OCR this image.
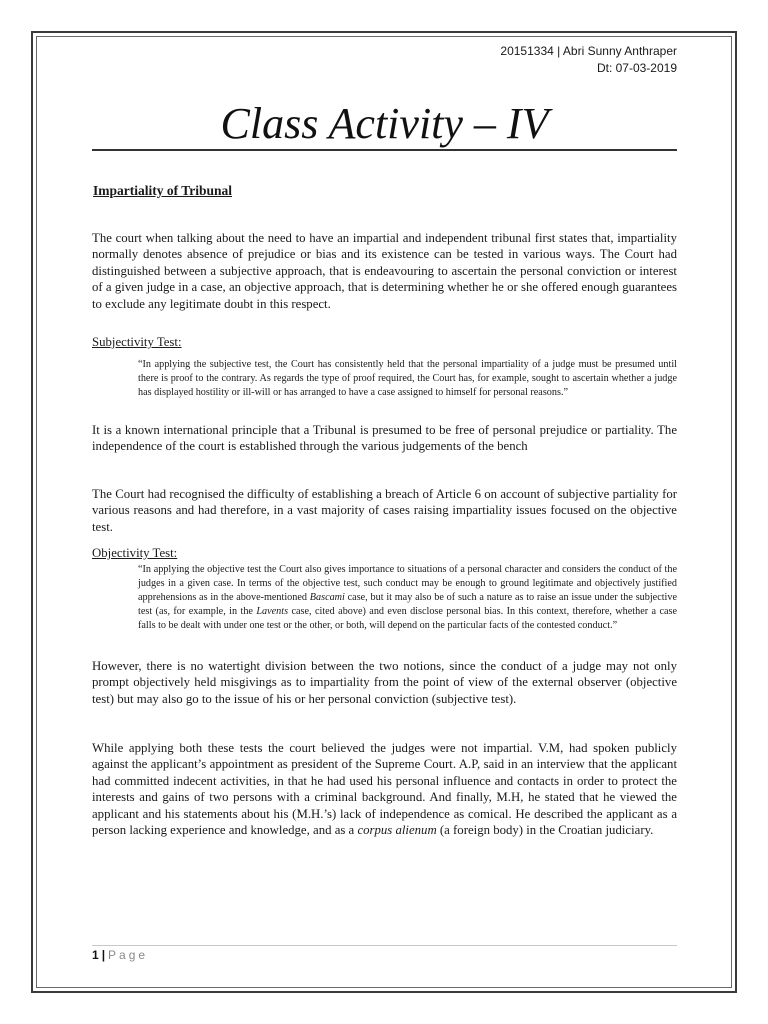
20151334 | Abri Sunny Anthraper
Dt: 07-03-2019
Class Activity – IV
Impartiality of Tribunal
The court when talking about the need to have an impartial and independent tribunal first states that, impartiality normally denotes absence of prejudice or bias and its existence can be tested in various ways. The Court had distinguished between a subjective approach, that is endeavouring to ascertain the personal conviction or interest of a given judge in a case, an objective approach, that is determining whether he or she offered enough guarantees to exclude any legitimate doubt in this respect.
Subjectivity Test:
“In applying the subjective test, the Court has consistently held that the personal impartiality of a judge must be presumed until there is proof to the contrary. As regards the type of proof required, the Court has, for example, sought to ascertain whether a judge has displayed hostility or ill-will or has arranged to have a case assigned to himself for personal reasons.”
It is a known international principle that a Tribunal is presumed to be free of personal prejudice or partiality. The independence of the court is established through the various judgements of the bench
The Court had recognised the difficulty of establishing a breach of Article 6 on account of subjective partiality for various reasons and had therefore, in a vast majority of cases raising impartiality issues focused on the objective test.
Objectivity Test:
“In applying the objective test the Court also gives importance to situations of a personal character and considers the conduct of the judges in a given case. In terms of the objective test, such conduct may be enough to ground legitimate and objectively justified apprehensions as in the above-mentioned Bascami case, but it may also be of such a nature as to raise an issue under the subjective test (as, for example, in the Lavents case, cited above) and even disclose personal bias. In this context, therefore, whether a case falls to be dealt with under one test or the other, or both, will depend on the particular facts of the contested conduct.”
However, there is no watertight division between the two notions, since the conduct of a judge may not only prompt objectively held misgivings as to impartiality from the point of view of the external observer (objective test) but may also go to the issue of his or her personal conviction (subjective test).
While applying both these tests the court believed the judges were not impartial. V.M, had spoken publicly against the applicant’s appointment as president of the Supreme Court. A.P, said in an interview that the applicant had committed indecent activities, in that he had used his personal influence and contacts in order to protect the interests and gains of two persons with a criminal background. And finally, M.H, he stated that he viewed the applicant and his statements about his (M.H.’s) lack of independence as comical. He described the applicant as a person lacking experience and knowledge, and as a corpus alienum (a foreign body) in the Croatian judiciary.
1 | Page
